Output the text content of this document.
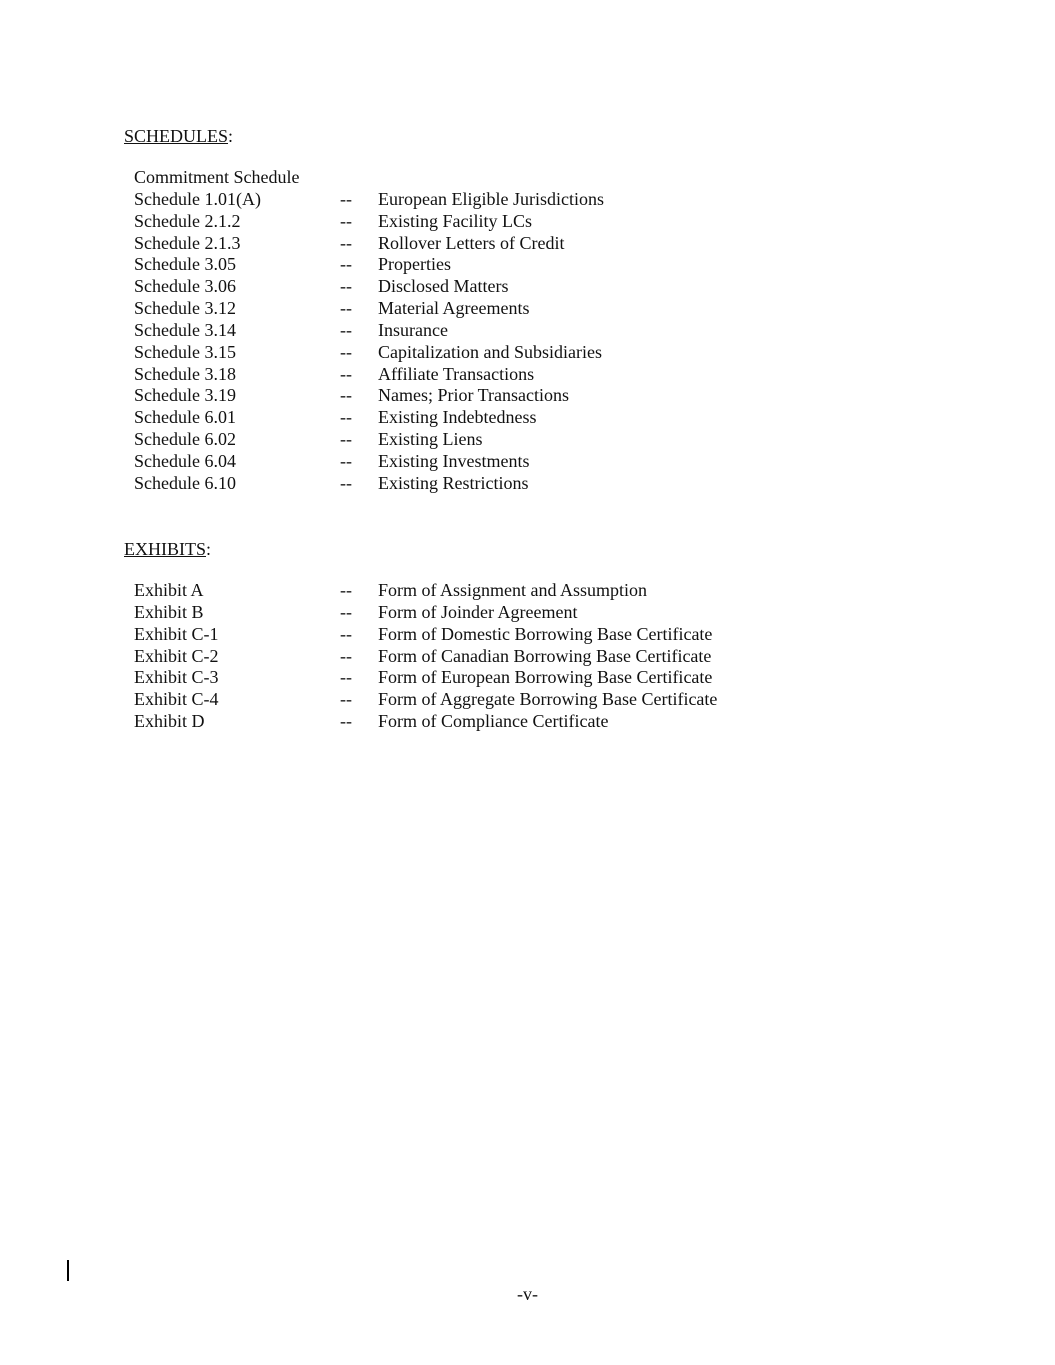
SCHEDULES:
Commitment Schedule
Schedule 1.01(A)	-- European Eligible Jurisdictions
Schedule 2.1.2	-- Existing Facility LCs
Schedule 2.1.3	-- Rollover Letters of Credit
Schedule 3.05	-- Properties
Schedule 3.06	-- Disclosed Matters
Schedule 3.12	-- Material Agreements
Schedule 3.14	-- Insurance
Schedule 3.15	-- Capitalization and Subsidiaries
Schedule 3.18	-- Affiliate Transactions
Schedule 3.19	-- Names; Prior Transactions
Schedule 6.01	-- Existing Indebtedness
Schedule 6.02	-- Existing Liens
Schedule 6.04	-- Existing Investments
Schedule 6.10	-- Existing Restrictions
EXHIBITS:
Exhibit A	-- Form of Assignment and Assumption
Exhibit B	-- Form of Joinder Agreement
Exhibit C-1	-- Form of Domestic Borrowing Base Certificate
Exhibit C-2	-- Form of Canadian Borrowing Base Certificate
Exhibit C-3	-- Form of European Borrowing Base Certificate
Exhibit C-4	-- Form of Aggregate Borrowing Base Certificate
Exhibit D	-- Form of Compliance Certificate
-v-
